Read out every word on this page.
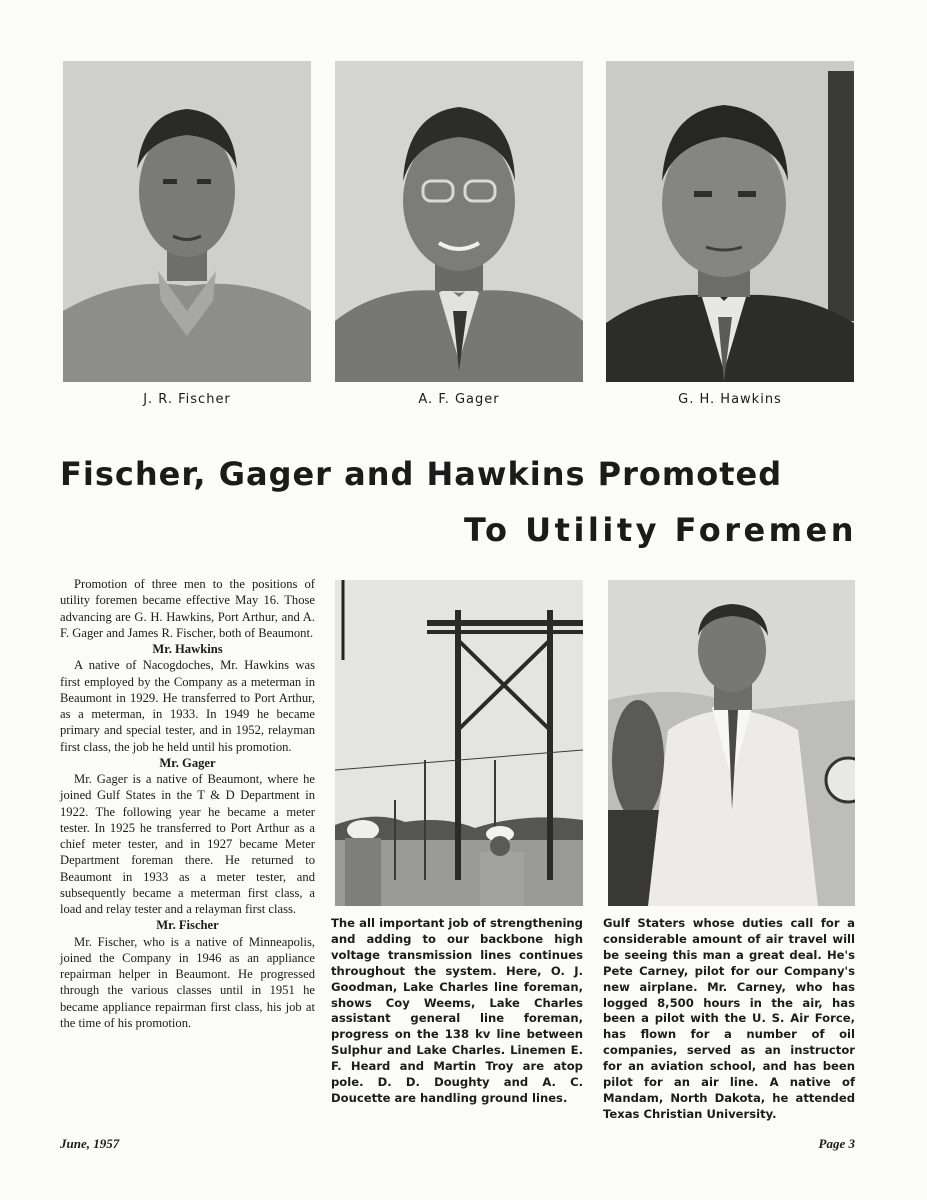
J. R. Fischer	A. F. Gager	G. H. Hawkins
Fischer, Gager and Hawkins Promoted
To Utility Foremen

Promotion of three men to the positions of utility foremen became effective May 16. Those advancing are G. H. Hawkins, Port Arthur, and A. F. Gager and James R. Fischer, both of Beaumont.

Mr. Hawkins

A native of Nacogdoches, Mr. Hawkins was first employed by the Company as a meterman in Beaumont in 1929. He transferred to Port Arthur, as a meterman, in 1933. In 1949 he became primary and special tester, and in 1952, relayman first class, the job he held until his promotion.

Mr. Gager

Mr. Gager is a native of Beaumont, where he joined Gulf States in the T & D Department in 1922. The following year he became a meter tester. In 1925 he transferred to Port Arthur as a chief meter tester, and in 1927 became Meter Department foreman there. He returned to Beaumont in 1933 as a meter tester, and subsequently became a meterman first class, a load and relay tester and a relayman first class.

Mr. Fischer

Mr. Fischer, who is a native of Minneapolis, joined the Company in 1946 as an appliance repairman helper in Beaumont. He progressed through the various classes until in 1951 he became appliance repairman first class, his job at the time of his promotion.

The all important job of strengthening and adding to our backbone high voltage transmission lines continues throughout the system. Here, O. J. Goodman, Lake Charles line foreman, shows Coy Weems, Lake Charles assistant general line foreman, progress on the 138 kv line between Sulphur and Lake Charles. Linemen E. F. Heard and Martin Troy are atop pole. D. D. Doughty and A. C. Doucette are handling ground lines.
Gulf Staters whose duties call for a considerable amount of air travel will be seeing this man a great deal. He's Pete Carney, pilot for our Company's new airplane. Mr. Carney, who has logged 8,500 hours in the air, has been a pilot with the U. S. Air Force, has flown for a number of oil companies, served as an instructor for an aviation school, and has been pilot for an air line. A native of Mandam, North Dakota, he attended Texas Christian University.
June, 1957	Page 3
